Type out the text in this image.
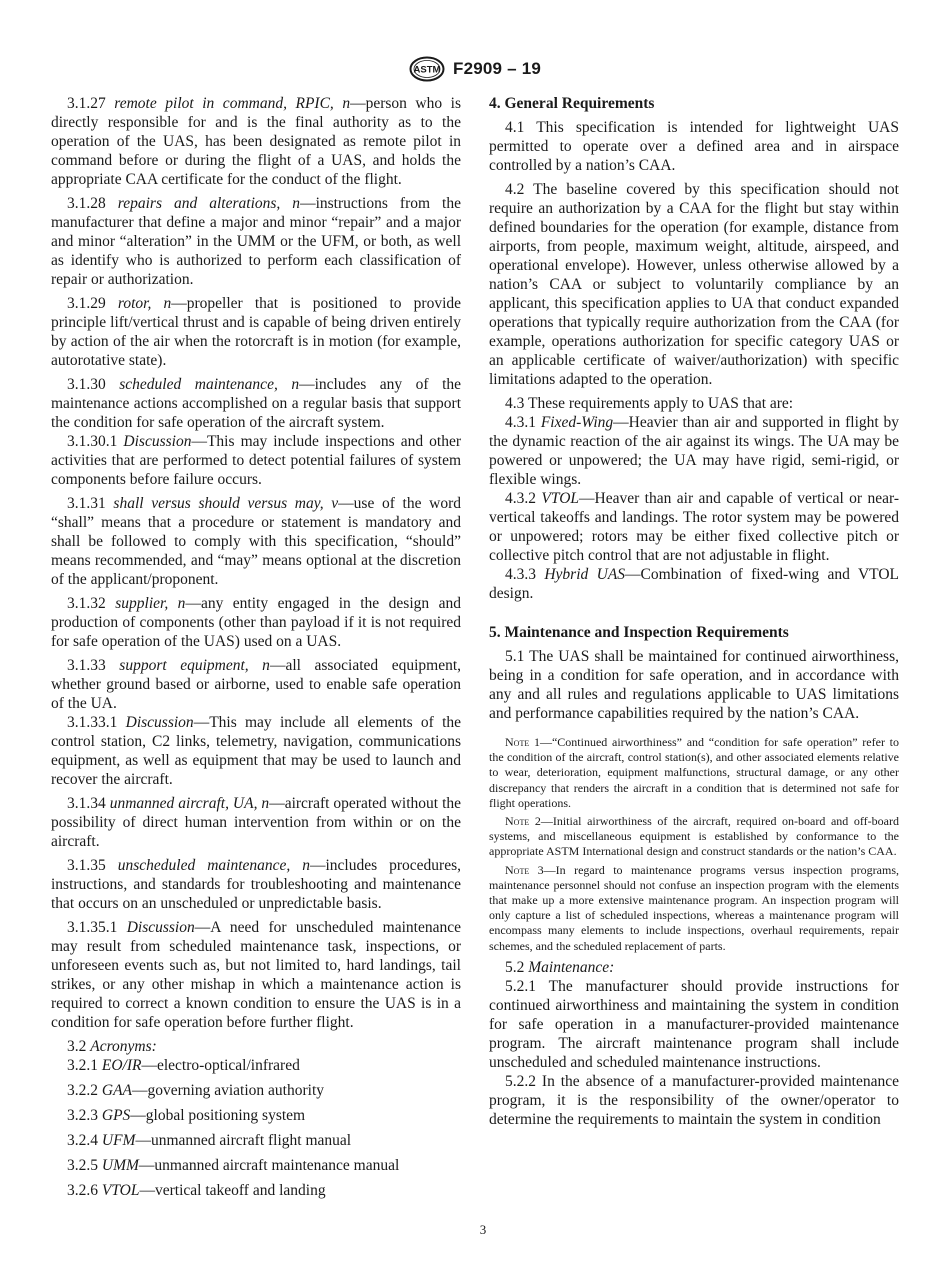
ASTM F2909 – 19

3.1.27 remote pilot in command, RPIC, n—person who is directly responsible for and is the final authority as to the operation of the UAS, has been designated as remote pilot in command before or during the flight of a UAS, and holds the appropriate CAA certificate for the conduct of the flight.

3.1.28 repairs and alterations, n—instructions from the manufacturer that define a major and minor “repair” and a major and minor “alteration” in the UMM or the UFM, or both, as well as identify who is authorized to perform each classification of repair or authorization.

3.1.29 rotor, n—propeller that is positioned to provide principle lift/vertical thrust and is capable of being driven entirely by action of the air when the rotorcraft is in motion (for example, autorotative state).

3.1.30 scheduled maintenance, n—includes any of the maintenance actions accomplished on a regular basis that support the condition for safe operation of the aircraft system.

3.1.30.1 Discussion—This may include inspections and other activities that are performed to detect potential failures of system components before failure occurs.

3.1.31 shall versus should versus may, v—use of the word “shall” means that a procedure or statement is mandatory and shall be followed to comply with this specification, “should” means recommended, and “may” means optional at the discretion of the applicant/proponent.

3.1.32 supplier, n—any entity engaged in the design and production of components (other than payload if it is not required for safe operation of the UAS) used on a UAS.

3.1.33 support equipment, n—all associated equipment, whether ground based or airborne, used to enable safe operation of the UA.

3.1.33.1 Discussion—This may include all elements of the control station, C2 links, telemetry, navigation, communications equipment, as well as equipment that may be used to launch and recover the aircraft.

3.1.34 unmanned aircraft, UA, n—aircraft operated without the possibility of direct human intervention from within or on the aircraft.

3.1.35 unscheduled maintenance, n—includes procedures, instructions, and standards for troubleshooting and maintenance that occurs on an unscheduled or unpredictable basis.

3.1.35.1 Discussion—A need for unscheduled maintenance may result from scheduled maintenance task, inspections, or unforeseen events such as, but not limited to, hard landings, tail strikes, or any other mishap in which a maintenance action is required to correct a known condition to ensure the UAS is in a condition for safe operation before further flight.

3.2 Acronyms:

3.2.1 EO/IR—electro-optical/infrared

3.2.2 GAA—governing aviation authority

3.2.3 GPS—global positioning system

3.2.4 UFM—unmanned aircraft flight manual

3.2.5 UMM—unmanned aircraft maintenance manual

3.2.6 VTOL—vertical takeoff and landing

4. General Requirements

4.1 This specification is intended for lightweight UAS permitted to operate over a defined area and in airspace controlled by a nation’s CAA.

4.2 The baseline covered by this specification should not require an authorization by a CAA for the flight but stay within defined boundaries for the operation (for example, distance from airports, from people, maximum weight, altitude, airspeed, and operational envelope). However, unless otherwise allowed by a nation’s CAA or subject to voluntarily compliance by an applicant, this specification applies to UA that conduct expanded operations that typically require authorization from the CAA (for example, operations authorization for specific category UAS or an applicable certificate of waiver/authorization) with specific limitations adapted to the operation.

4.3 These requirements apply to UAS that are:

4.3.1 Fixed-Wing—Heavier than air and supported in flight by the dynamic reaction of the air against its wings. The UA may be powered or unpowered; the UA may have rigid, semi-rigid, or flexible wings.

4.3.2 VTOL—Heaver than air and capable of vertical or near-vertical takeoffs and landings. The rotor system may be powered or unpowered; rotors may be either fixed collective pitch or collective pitch control that are not adjustable in flight.

4.3.3 Hybrid UAS—Combination of fixed-wing and VTOL design.

5. Maintenance and Inspection Requirements

5.1 The UAS shall be maintained for continued airworthiness, being in a condition for safe operation, and in accordance with any and all rules and regulations applicable to UAS limitations and performance capabilities required by the nation’s CAA.

Note 1—“Continued airworthiness” and “condition for safe operation” refer to the condition of the aircraft, control station(s), and other associated elements relative to wear, deterioration, equipment malfunctions, structural damage, or any other discrepancy that renders the aircraft in a condition that is determined not safe for flight operations.

Note 2—Initial airworthiness of the aircraft, required on-board and off-board systems, and miscellaneous equipment is established by conformance to the appropriate ASTM International design and construct standards or the nation’s CAA.

Note 3—In regard to maintenance programs versus inspection programs, maintenance personnel should not confuse an inspection program with the elements that make up a more extensive maintenance program. An inspection program will only capture a list of scheduled inspections, whereas a maintenance program will encompass many elements to include inspections, overhaul requirements, repair schemes, and the scheduled replacement of parts.

5.2 Maintenance:

5.2.1 The manufacturer should provide instructions for continued airworthiness and maintaining the system in condition for safe operation in a manufacturer-provided maintenance program. The aircraft maintenance program shall include unscheduled and scheduled maintenance instructions.

5.2.2 In the absence of a manufacturer-provided maintenance program, it is the responsibility of the owner/operator to determine the requirements to maintain the system in condition

3
